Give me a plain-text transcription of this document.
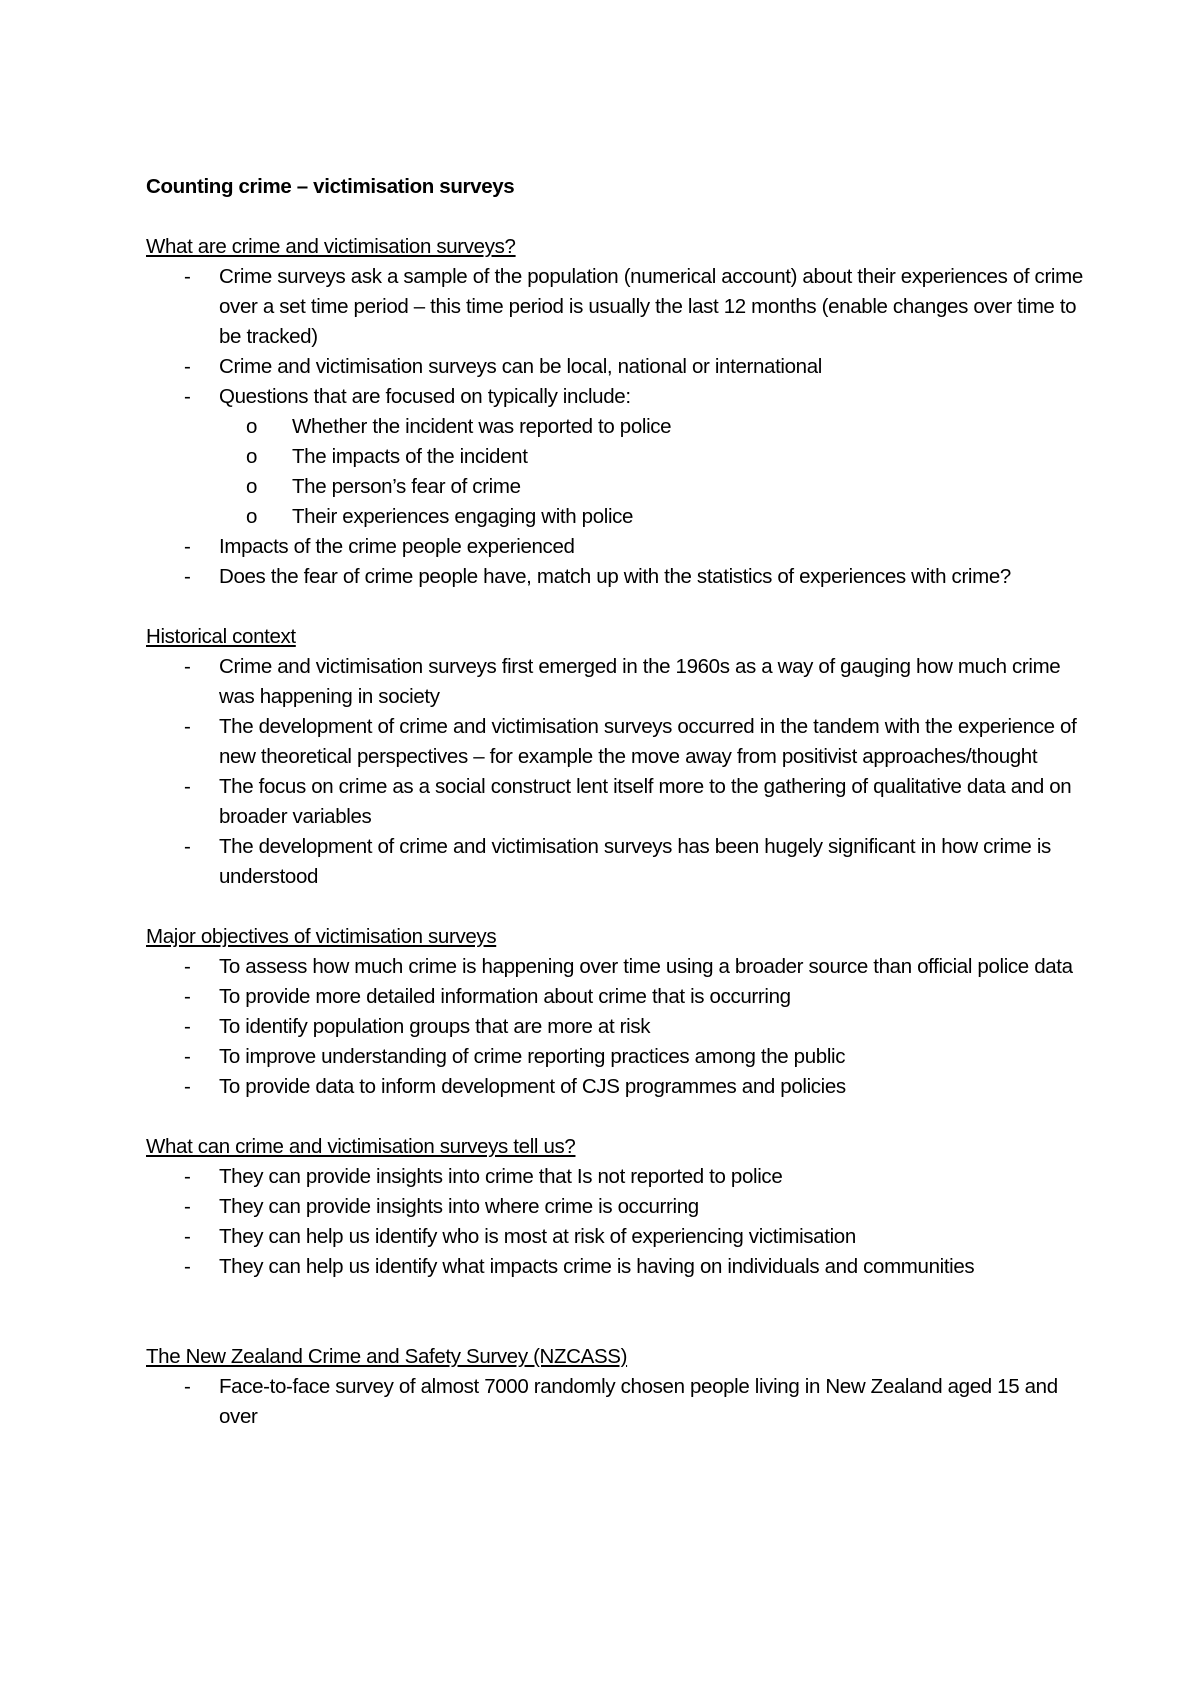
Counting crime – victimisation surveys
What are crime and victimisation surveys?
- Crime surveys ask a sample of the population (numerical account) about their experiences of crime over a set time period – this time period is usually the last 12 months (enable changes over time to be tracked)
- Crime and victimisation surveys can be local, national or international
- Questions that are focused on typically include:
o Whether the incident was reported to police
o The impacts of the incident
o The person’s fear of crime
o Their experiences engaging with police
- Impacts of the crime people experienced
- Does the fear of crime people have, match up with the statistics of experiences with crime?
Historical context
- Crime and victimisation surveys first emerged in the 1960s as a way of gauging how much crime was happening in society
- The development of crime and victimisation surveys occurred in the tandem with the experience of new theoretical perspectives – for example the move away from positivist approaches/thought
- The focus on crime as a social construct lent itself more to the gathering of qualitative data and on broader variables
- The development of crime and victimisation surveys has been hugely significant in how crime is understood
Major objectives of victimisation surveys
- To assess how much crime is happening over time using a broader source than official police data
- To provide more detailed information about crime that is occurring
- To identify population groups that are more at risk
- To improve understanding of crime reporting practices among the public
- To provide data to inform development of CJS programmes and policies
What can crime and victimisation surveys tell us?
- They can provide insights into crime that Is not reported to police
- They can provide insights into where crime is occurring
- They can help us identify who is most at risk of experiencing victimisation
- They can help us identify what impacts crime is having on individuals and communities
The New Zealand Crime and Safety Survey (NZCASS)
- Face-to-face survey of almost 7000 randomly chosen people living in New Zealand aged 15 and over
